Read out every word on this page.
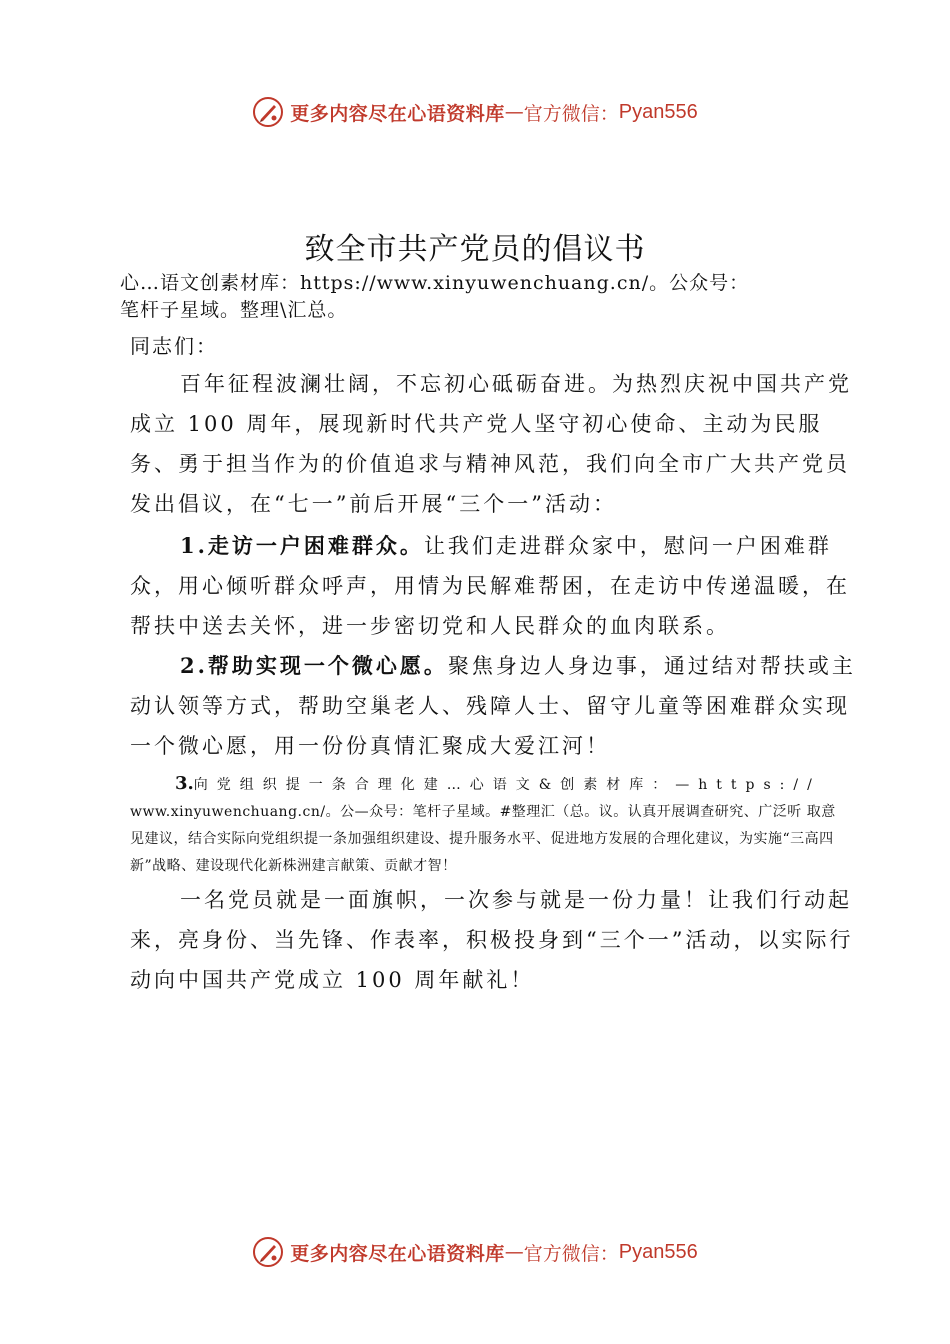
更多内容尽在心语资料库 — 官方微信： Pyan556
致全市共产党员的倡议书
心…语文创素材库：https://www.xinyuwenchuang.cn/。公众号：
笔杆子星域。整理\汇总。
同志们：
百年征程波澜壮阔，不忘初心砥砺奋进。为热烈庆祝中国共产党成立 100 周年，展现新时代共产党人坚守初心使命、主动为民服务、勇于担当作为的价值追求与精神风范，我们向全市广大共产党员发出倡议，在“七一”前后开展“三个一”活动：
1.走访一户困难群众。让我们走进群众家中，慰问一户困难群众，用心倾听群众呼声，用情为民解难帮困，在走访中传递温暖，在帮扶中送去关怀，进一步密切党和人民群众的血肉联系。
2.帮助实现一个微心愿。聚焦身边人身边事，通过结对帮扶或主动认领等方式，帮助空巢老人、残障人士、留守儿童等困难群众实现一个微心愿，用一份份真情汇聚成大爱江河！
3.向党组织提一条合理化建…心语文&创素材库：—https://
www.xinyuwenchuang.cn/。公—众号：笔杆子星域。#整理汇（总。议。认真开展调查研究、广泛听 取意见建议，结合实际向党组织提一条加强组织建设、提升服务水平、促进地方发展的合理化建议，为实施“三高四新”战略、建设现代化新株洲建言献策、贡献才智！
一名党员就是一面旗帜，一次参与就是一份力量！让我们行动起来，亮身份、当先锋、作表率，积极投身到“三个一”活动，以实际行动向中国共产党成立 100 周年献礼！
更多内容尽在心语资料库 — 官方微信： Pyan556
